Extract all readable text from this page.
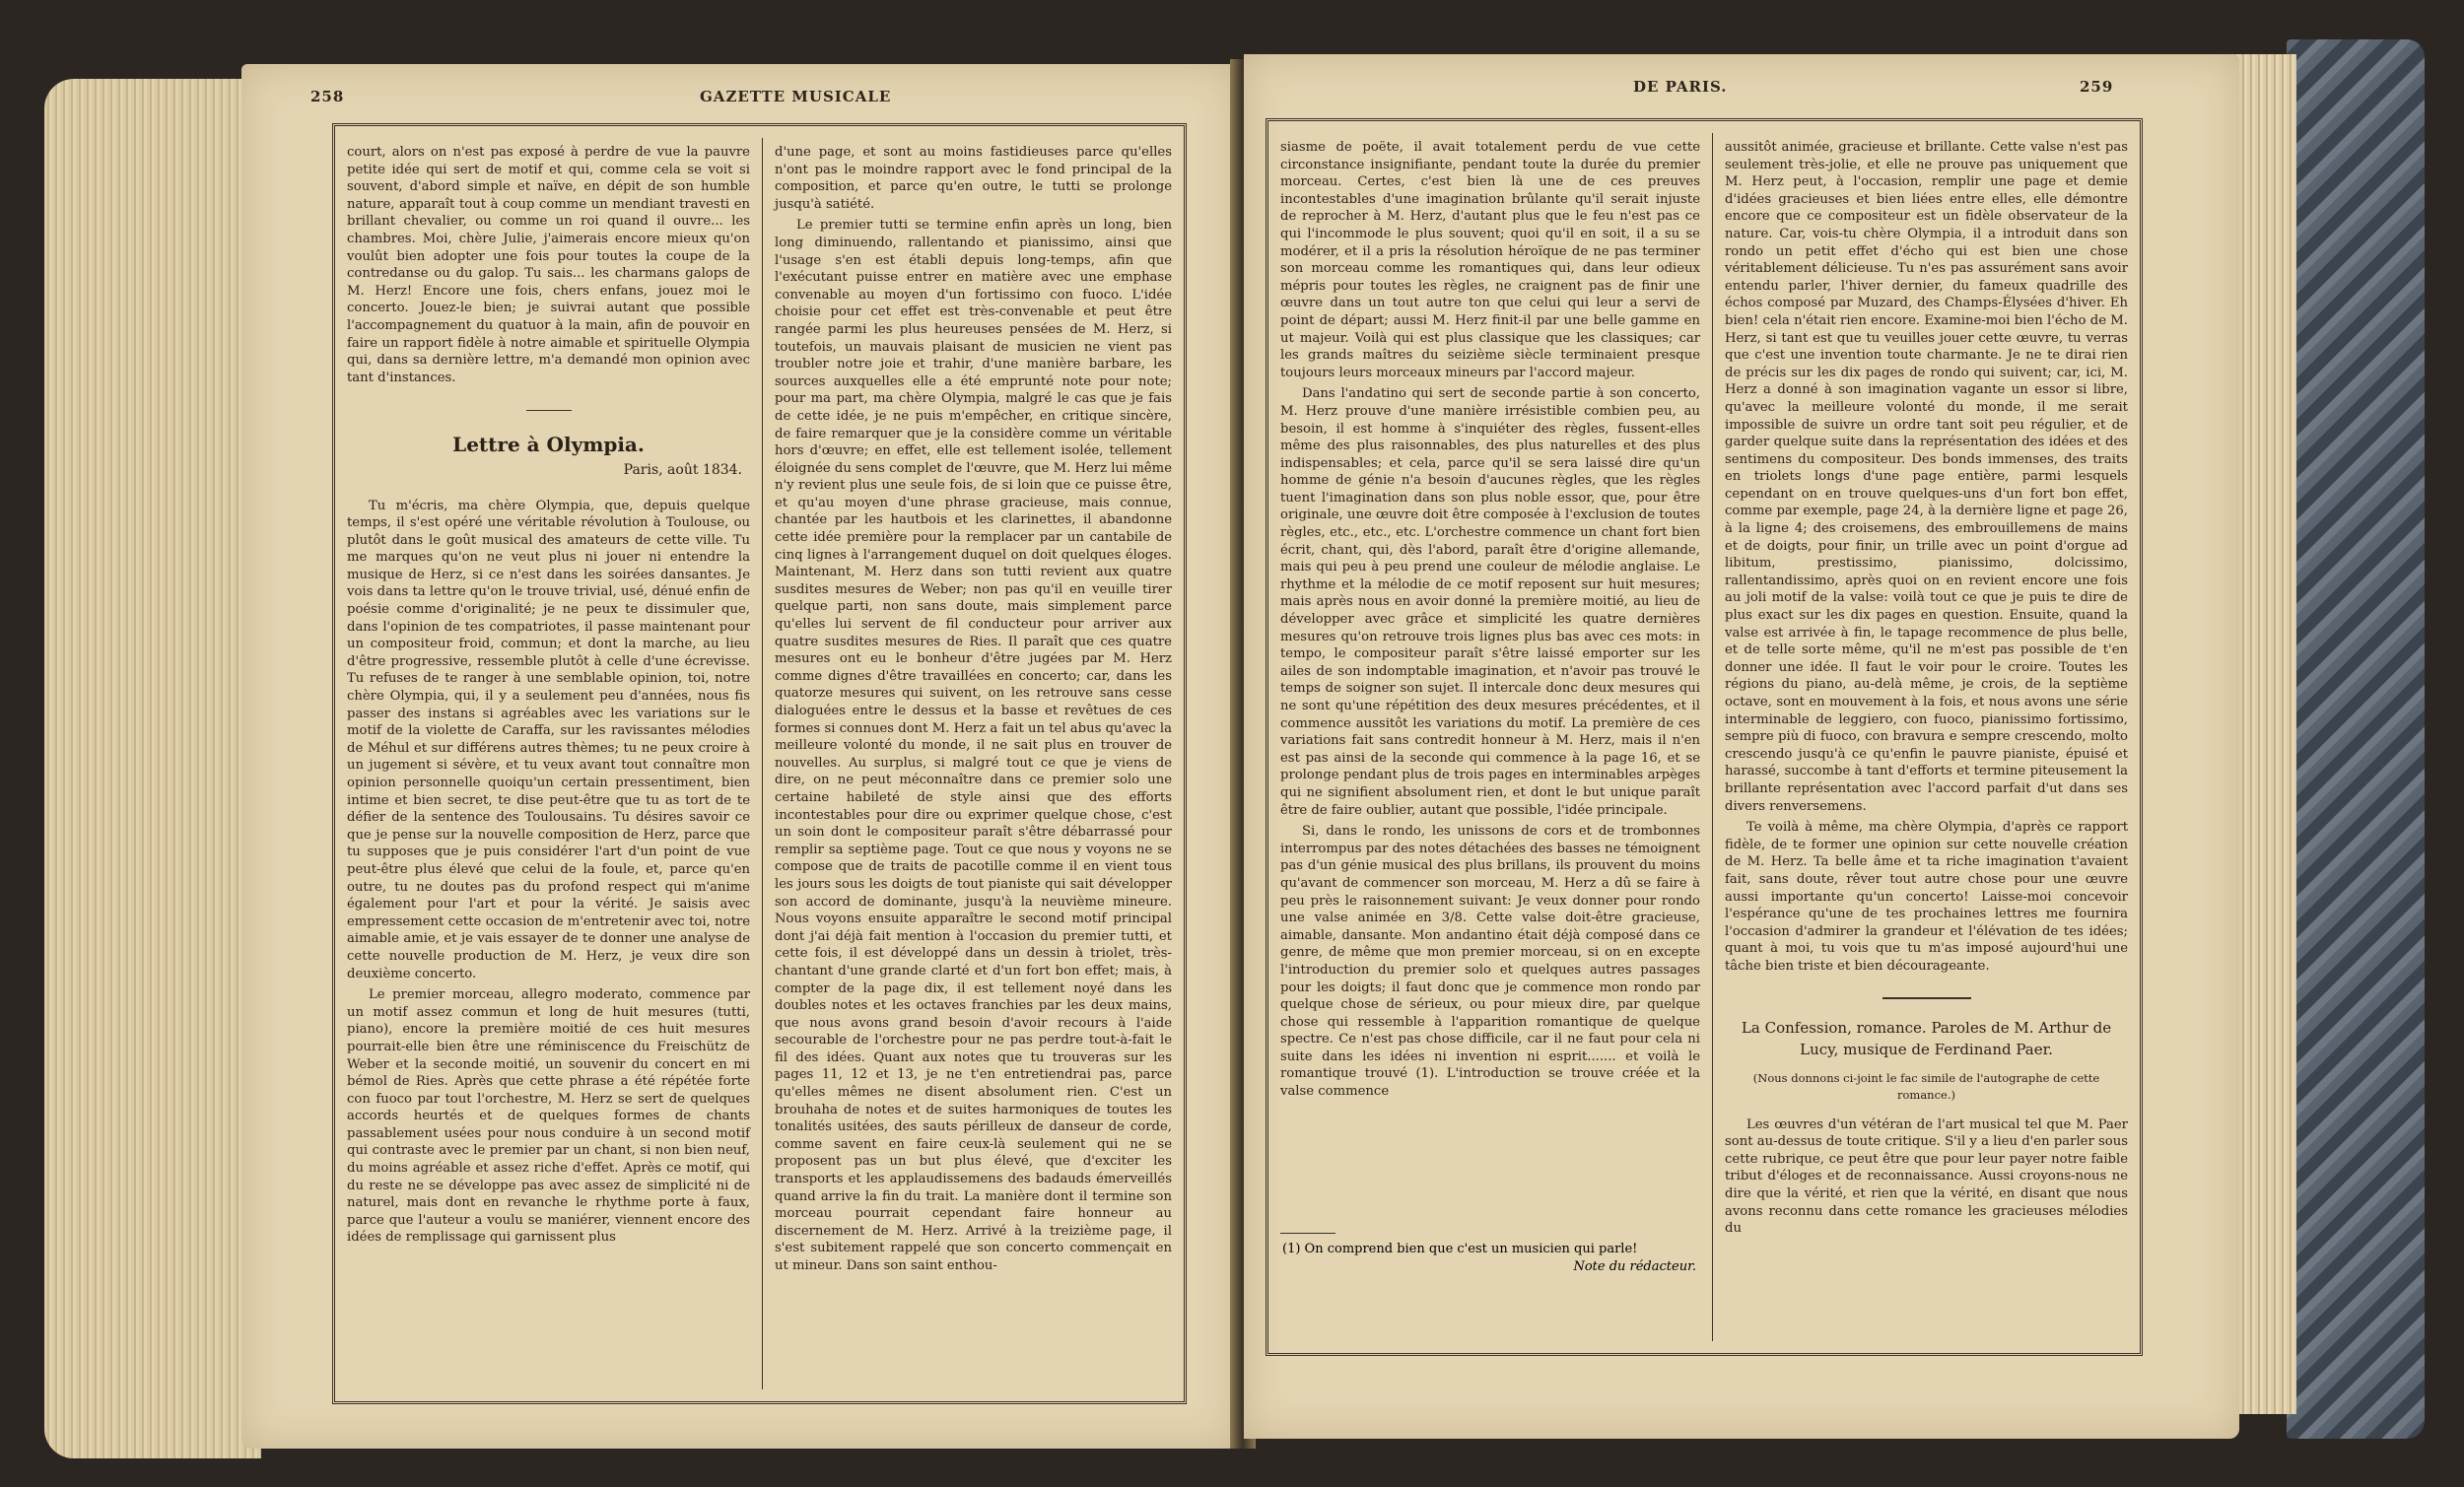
258	GAZETTE MUSICALE

court, alors on n'est pas exposé à perdre de vue la pauvre petite idée qui sert de motif et qui, comme cela se voit si souvent, d'abord simple et naïve, en dépit de son humble nature, apparaît tout à coup comme un mendiant travesti en brillant chevalier, ou comme un roi quand il ouvre... les chambres. Moi, chère Julie, j'aimerais encore mieux qu'on voulût bien adopter une fois pour toutes la coupe de la contredanse ou du galop. Tu sais... les charmans galops de M. Herz! Encore une fois, chers enfans, jouez moi le concerto. Jouez-le bien; je suivrai autant que possible l'accompagnement du quatuor à la main, afin de pouvoir en faire un rapport fidèle à notre aimable et spirituelle Olympia qui, dans sa dernière lettre, m'a demandé mon opinion avec tant d'instances.

Lettre à Olympia.
Paris, août 1834.

Tu m'écris, ma chère Olympia, que, depuis quelque temps, il s'est opéré une véritable révolution à Toulouse, ou plutôt dans le goût musical des amateurs de cette ville. Tu me marques qu'on ne veut plus ni jouer ni entendre la musique de Herz, si ce n'est dans les soirées dansantes. Je vois dans ta lettre qu'on le trouve trivial, usé, dénué enfin de poésie comme d'originalité; je ne peux te dissimuler que, dans l'opinion de tes compatriotes, il passe maintenant pour un compositeur froid, commun; et dont la marche, au lieu d'être progressive, ressemble plutôt à celle d'une écrevisse. Tu refuses de te ranger à une semblable opinion, toi, notre chère Olympia, qui, il y a seulement peu d'années, nous fis passer des instans si agréables avec les variations sur le motif de la violette de Caraffa, sur les ravissantes mélodies de Méhul et sur différens autres thèmes; tu ne peux croire à un jugement si sévère, et tu veux avant tout connaître mon opinion personnelle quoiqu'un certain pressentiment, bien intime et bien secret, te dise peut-être que tu as tort de te défier de la sentence des Toulousains. Tu désires savoir ce que je pense sur la nouvelle composition de Herz, parce que tu supposes que je puis considérer l'art d'un point de vue peut-être plus élevé que celui de la foule, et, parce qu'en outre, tu ne doutes pas du profond respect qui m'anime également pour l'art et pour la vérité. Je saisis avec empressement cette occasion de m'entretenir avec toi, notre aimable amie, et je vais essayer de te donner une analyse de cette nouvelle production de M. Herz, je veux dire son deuxième concerto.

Le premier morceau, allegro moderato, commence par un motif assez commun et long de huit mesures (tutti, piano), encore la première moitié de ces huit mesures pourrait-elle bien être une réminiscence du Freischütz de Weber et la seconde moitié, un souvenir du concert en mi bémol de Ries. Après que cette phrase a été répétée forte con fuoco par tout l'orchestre, M. Herz se sert de quelques accords heurtés et de quelques formes de chants passablement usées pour nous conduire à un second motif qui contraste avec le premier par un chant, si non bien neuf, du moins agréable et assez riche d'effet. Après ce motif, qui du reste ne se développe pas avec assez de simplicité ni de naturel, mais dont en revanche le rhythme porte à faux, parce que l'auteur a voulu se maniérer, viennent encore des idées de remplissage qui garnissent plus

d'une page, et sont au moins fastidieuses parce qu'elles n'ont pas le moindre rapport avec le fond principal de la composition, et parce qu'en outre, le tutti se prolonge jusqu'à satiété.

Le premier tutti se termine enfin après un long, bien long diminuendo, rallentando et pianissimo, ainsi que l'usage s'en est établi depuis long-temps, afin que l'exécutant puisse entrer en matière avec une emphase convenable au moyen d'un fortissimo con fuoco. L'idée choisie pour cet effet est très-convenable et peut être rangée parmi les plus heureuses pensées de M. Herz, si toutefois, un mauvais plaisant de musicien ne vient pas troubler notre joie et trahir, d'une manière barbare, les sources auxquelles elle a été emprunté note pour note; pour ma part, ma chère Olympia, malgré le cas que je fais de cette idée, je ne puis m'empêcher, en critique sincère, de faire remarquer que je la considère comme un véritable hors d'œuvre; en effet, elle est tellement isolée, tellement éloignée du sens complet de l'œuvre, que M. Herz lui même n'y revient plus une seule fois, de si loin que ce puisse être, et qu'au moyen d'une phrase gracieuse, mais connue, chantée par les hautbois et les clarinettes, il abandonne cette idée première pour la remplacer par un cantabile de cinq lignes à l'arrangement duquel on doit quelques éloges. Maintenant, M. Herz dans son tutti revient aux quatre susdites mesures de Weber; non pas qu'il en veuille tirer quelque parti, non sans doute, mais simplement parce qu'elles lui servent de fil conducteur pour arriver aux quatre susdites mesures de Ries. Il paraît que ces quatre mesures ont eu le bonheur d'être jugées par M. Herz comme dignes d'être travaillées en concerto; car, dans les quatorze mesures qui suivent, on les retrouve sans cesse dialoguées entre le dessus et la basse et revêtues de ces formes si connues dont M. Herz a fait un tel abus qu'avec la meilleure volonté du monde, il ne sait plus en trouver de nouvelles. Au surplus, si malgré tout ce que je viens de dire, on ne peut méconnaître dans ce premier solo une certaine habileté de style ainsi que des efforts incontestables pour dire ou exprimer quelque chose, c'est un soin dont le compositeur paraît s'être débarrassé pour remplir sa septième page. Tout ce que nous y voyons ne se compose que de traits de pacotille comme il en vient tous les jours sous les doigts de tout pianiste qui sait développer son accord de dominante, jusqu'à la neuvième mineure. Nous voyons ensuite apparaître le second motif principal dont j'ai déjà fait mention à l'occasion du premier tutti, et cette fois, il est développé dans un dessin à triolet, très-chantant d'une grande clarté et d'un fort bon effet; mais, à compter de la page dix, il est tellement noyé dans les doubles notes et les octaves franchies par les deux mains, que nous avons grand besoin d'avoir recours à l'aide secourable de l'orchestre pour ne pas perdre tout-à-fait le fil des idées. Quant aux notes que tu trouveras sur les pages 11, 12 et 13, je ne t'en entretiendrai pas, parce qu'elles mêmes ne disent absolument rien. C'est un brouhaha de notes et de suites harmoniques de toutes les tonalités usitées, des sauts périlleux de danseur de corde, comme savent en faire ceux-là seulement qui ne se proposent pas un but plus élevé, que d'exciter les transports et les applaudissemens des badauds émerveillés quand arrive la fin du trait. La manière dont il termine son morceau pourrait cependant faire honneur au discernement de M. Herz. Arrivé à la treizième page, il s'est subitement rappelé que son concerto commençait en ut mineur. Dans son saint enthou-

DE PARIS.	259

siasme de poëte, il avait totalement perdu de vue cette circonstance insignifiante, pendant toute la durée du premier morceau. Certes, c'est bien là une de ces preuves incontestables d'une imagination brûlante qu'il serait injuste de reprocher à M. Herz, d'autant plus que le feu n'est pas ce qui l'incommode le plus souvent; quoi qu'il en soit, il a su se modérer, et il a pris la résolution héroïque de ne pas terminer son morceau comme les romantiques qui, dans leur odieux mépris pour toutes les règles, ne craignent pas de finir une œuvre dans un tout autre ton que celui qui leur a servi de point de départ; aussi M. Herz finit-il par une belle gamme en ut majeur. Voilà qui est plus classique que les classiques; car les grands maîtres du seizième siècle terminaient presque toujours leurs morceaux mineurs par l'accord majeur.

Dans l'andatino qui sert de seconde partie à son concerto, M. Herz prouve d'une manière irrésistible combien peu, au besoin, il est homme à s'inquiéter des règles, fussent-elles même des plus raisonnables, des plus naturelles et des plus indispensables; et cela, parce qu'il se sera laissé dire qu'un homme de génie n'a besoin d'aucunes règles, que les règles tuent l'imagination dans son plus noble essor, que, pour être originale, une œuvre doit être composée à l'exclusion de toutes règles, etc., etc., etc. L'orchestre commence un chant fort bien écrit, chant, qui, dès l'abord, paraît être d'origine allemande, mais qui peu à peu prend une couleur de mélodie anglaise. Le rhythme et la mélodie de ce motif reposent sur huit mesures; mais après nous en avoir donné la première moitié, au lieu de développer avec grâce et simplicité les quatre dernières mesures qu'on retrouve trois lignes plus bas avec ces mots: in tempo, le compositeur paraît s'être laissé emporter sur les ailes de son indomptable imagination, et n'avoir pas trouvé le temps de soigner son sujet. Il intercale donc deux mesures qui ne sont qu'une répétition des deux mesures précédentes, et il commence aussitôt les variations du motif. La première de ces variations fait sans contredit honneur à M. Herz, mais il n'en est pas ainsi de la seconde qui commence à la page 16, et se prolonge pendant plus de trois pages en interminables arpèges qui ne signifient absolument rien, et dont le but unique paraît être de faire oublier, autant que possible, l'idée principale.

Si, dans le rondo, les unissons de cors et de trombonnes interrompus par des notes détachées des basses ne témoignent pas d'un génie musical des plus brillans, ils prouvent du moins qu'avant de commencer son morceau, M. Herz a dû se faire à peu près le raisonnement suivant: Je veux donner pour rondo une valse animée en 3/8. Cette valse doit-être gracieuse, aimable, dansante. Mon andantino était déjà composé dans ce genre, de même que mon premier morceau, si on en excepte l'introduction du premier solo et quelques autres passages pour les doigts; il faut donc que je commence mon rondo par quelque chose de sérieux, ou pour mieux dire, par quelque chose qui ressemble à l'apparition romantique de quelque spectre. Ce n'est pas chose difficile, car il ne faut pour cela ni suite dans les idées ni invention ni esprit....... et voilà le romantique trouvé (1). L'introduction se trouve créée et la valse commence

(1) On comprend bien que c'est un musicien qui parle!
Note du rédacteur.

aussitôt animée, gracieuse et brillante. Cette valse n'est pas seulement très-jolie, et elle ne prouve pas uniquement que M. Herz peut, à l'occasion, remplir une page et demie d'idées gracieuses et bien liées entre elles, elle démontre encore que ce compositeur est un fidèle observateur de la nature. Car, vois-tu chère Olympia, il a introduit dans son rondo un petit effet d'écho qui est bien une chose véritablement délicieuse. Tu n'es pas assurément sans avoir entendu parler, l'hiver dernier, du fameux quadrille des échos composé par Muzard, des Champs-Élysées d'hiver. Eh bien! cela n'était rien encore. Examine-moi bien l'écho de M. Herz, si tant est que tu veuilles jouer cette œuvre, tu verras que c'est une invention toute charmante. Je ne te dirai rien de précis sur les dix pages de rondo qui suivent; car, ici, M. Herz a donné à son imagination vagante un essor si libre, qu'avec la meilleure volonté du monde, il me serait impossible de suivre un ordre tant soit peu régulier, et de garder quelque suite dans la représentation des idées et des sentimens du compositeur. Des bonds immenses, des traits en triolets longs d'une page entière, parmi lesquels cependant on en trouve quelques-uns d'un fort bon effet, comme par exemple, page 24, à la dernière ligne et page 26, à la ligne 4; des croisemens, des embrouillemens de mains et de doigts, pour finir, un trille avec un point d'orgue ad libitum, prestissimo, pianissimo, dolcissimo, rallentandissimo, après quoi on en revient encore une fois au joli motif de la valse: voilà tout ce que je puis te dire de plus exact sur les dix pages en question. Ensuite, quand la valse est arrivée à fin, le tapage recommence de plus belle, et de telle sorte même, qu'il ne m'est pas possible de t'en donner une idée. Il faut le voir pour le croire. Toutes les régions du piano, au-delà même, je crois, de la septième octave, sont en mouvement à la fois, et nous avons une série interminable de leggiero, con fuoco, pianissimo fortissimo, sempre più di fuoco, con bravura e sempre crescendo, molto crescendo jusqu'à ce qu'enfin le pauvre pianiste, épuisé et harassé, succombe à tant d'efforts et termine piteusement la brillante représentation avec l'accord parfait d'ut dans ses divers renversemens.

Te voilà à même, ma chère Olympia, d'après ce rapport fidèle, de te former une opinion sur cette nouvelle création de M. Herz. Ta belle âme et ta riche imagination t'avaient fait, sans doute, rêver tout autre chose pour une œuvre aussi importante qu'un concerto! Laisse-moi concevoir l'espérance qu'une de tes prochaines lettres me fournira l'occasion d'admirer la grandeur et l'élévation de tes idées; quant à moi, tu vois que tu m'as imposé aujourd'hui une tâche bien triste et bien décourageante.

La Confession, romance. Paroles de M. Arthur de Lucy, musique de Ferdinand Paer.
(Nous donnons ci-joint le fac simile de l'autographe de cette romance.)

Les œuvres d'un vétéran de l'art musical tel que M. Paer sont au-dessus de toute critique. S'il y a lieu d'en parler sous cette rubrique, ce peut être que pour leur payer notre faible tribut d'éloges et de reconnaissance. Aussi croyons-nous ne dire que la vérité, et rien que la vérité, en disant que nous avons reconnu dans cette romance les gracieuses mélodies du
